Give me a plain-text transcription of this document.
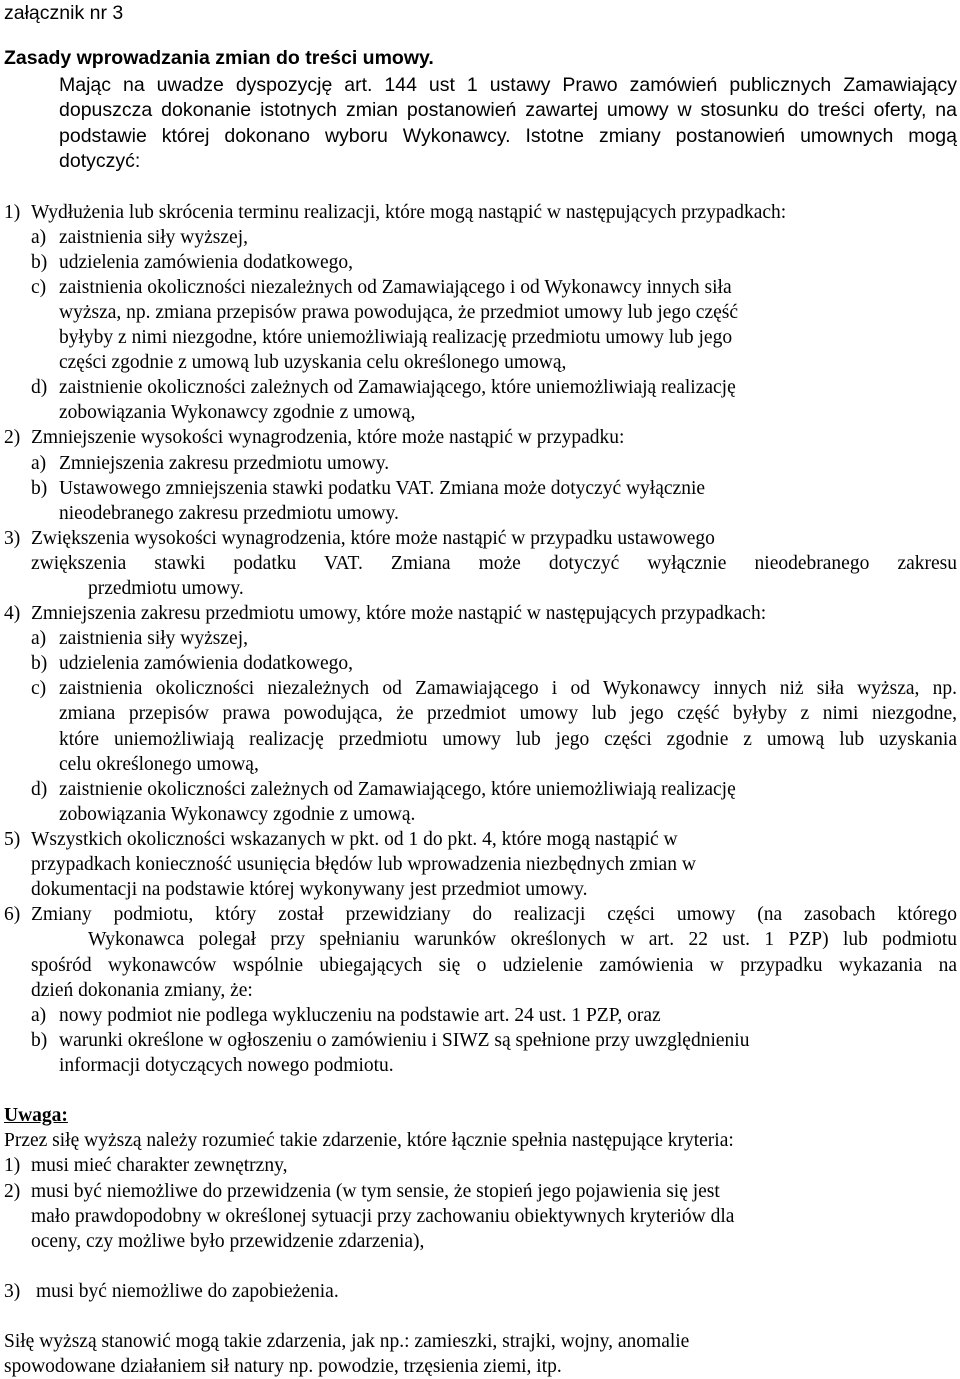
załącznik nr 3
Zasady wprowadzania zmian do treści umowy.
Mając na uwadze dyspozycję art. 144 ust 1 ustawy Prawo zamówień publicznych Zamawiający
dopuszcza dokonanie istotnych zmian postanowień zawartej umowy w stosunku do treści oferty, na
podstawie której dokonano wyboru Wykonawcy. Istotne zmiany postanowień umownych mogą
dotyczyć:
1) Wydłużenia lub skrócenia terminu realizacji, które mogą nastąpić w następujących przypadkach:
a) zaistnienia siły wyższej,
b) udzielenia zamówienia dodatkowego,
c) zaistnienia okoliczności niezależnych od Zamawiającego i od Wykonawcy innych siła
wyższa, np. zmiana przepisów prawa powodująca, że przedmiot umowy lub jego część
byłyby z nimi niezgodne, które uniemożliwiają realizację przedmiotu umowy lub jego
części zgodnie z umową lub uzyskania celu określonego umową,
d) zaistnienie okoliczności zależnych od Zamawiającego, które uniemożliwiają realizację
zobowiązania Wykonawcy zgodnie z umową,
2) Zmniejszenie wysokości wynagrodzenia, które może nastąpić w przypadku:
a) Zmniejszenia zakresu przedmiotu umowy.
b) Ustawowego zmniejszenia stawki podatku VAT. Zmiana może dotyczyć wyłącznie
nieodebranego zakresu przedmiotu umowy.
3) Zwiększenia wysokości wynagrodzenia, które może nastąpić w przypadku ustawowego
zwiększenia stawki podatku VAT. Zmiana może dotyczyć wyłącznie nieodebranego zakresu
przedmiotu umowy.
4) Zmniejszenia zakresu przedmiotu umowy, które może nastąpić w następujących przypadkach:
a) zaistnienia siły wyższej,
b) udzielenia zamówienia dodatkowego,
c) zaistnienia okoliczności niezależnych od Zamawiającego i od Wykonawcy innych niż siła wyższa, np.
zmiana przepisów prawa powodująca, że przedmiot umowy lub jego część byłyby z nimi niezgodne,
które uniemożliwiają realizację przedmiotu umowy lub jego części zgodnie z umową lub uzyskania
celu określonego umową,
d) zaistnienie okoliczności zależnych od Zamawiającego, które uniemożliwiają realizację
zobowiązania Wykonawcy zgodnie z umową.
5) Wszystkich okoliczności wskazanych w pkt. od 1 do pkt. 4, które mogą nastąpić w
przypadkach konieczność usunięcia błędów lub wprowadzenia niezbędnych zmian w
dokumentacji na podstawie której wykonywany jest przedmiot umowy.
6) Zmiany podmiotu, który został przewidziany do realizacji części umowy (na zasobach którego
Wykonawca polegał przy spełnianiu warunków określonych w art. 22 ust. 1 PZP) lub podmiotu
spośród wykonawców wspólnie ubiegających się o udzielenie zamówienia w przypadku wykazania na
dzień dokonania zmiany, że:
a) nowy podmiot nie podlega wykluczeniu na podstawie art. 24 ust. 1 PZP, oraz
b) warunki określone w ogłoszeniu o zamówieniu i SIWZ są spełnione przy uwzględnieniu
informacji dotyczących nowego podmiotu.
Uwaga:
Przez siłę wyższą należy rozumieć takie zdarzenie, które łącznie spełnia następujące kryteria:
1) musi mieć charakter zewnętrzny,
2) musi być niemożliwe do przewidzenia (w tym sensie, że stopień jego pojawienia się jest
mało prawdopodobny w określonej sytuacji przy zachowaniu obiektywnych kryteriów dla
oceny, czy możliwe było przewidzenie zdarzenia),
3) musi być niemożliwe do zapobieżenia.
Siłę wyższą stanowić mogą takie zdarzenia, jak np.: zamieszki, strajki, wojny, anomalie
spowodowane działaniem sił natury np. powodzie, trzęsienia ziemi, itp.
